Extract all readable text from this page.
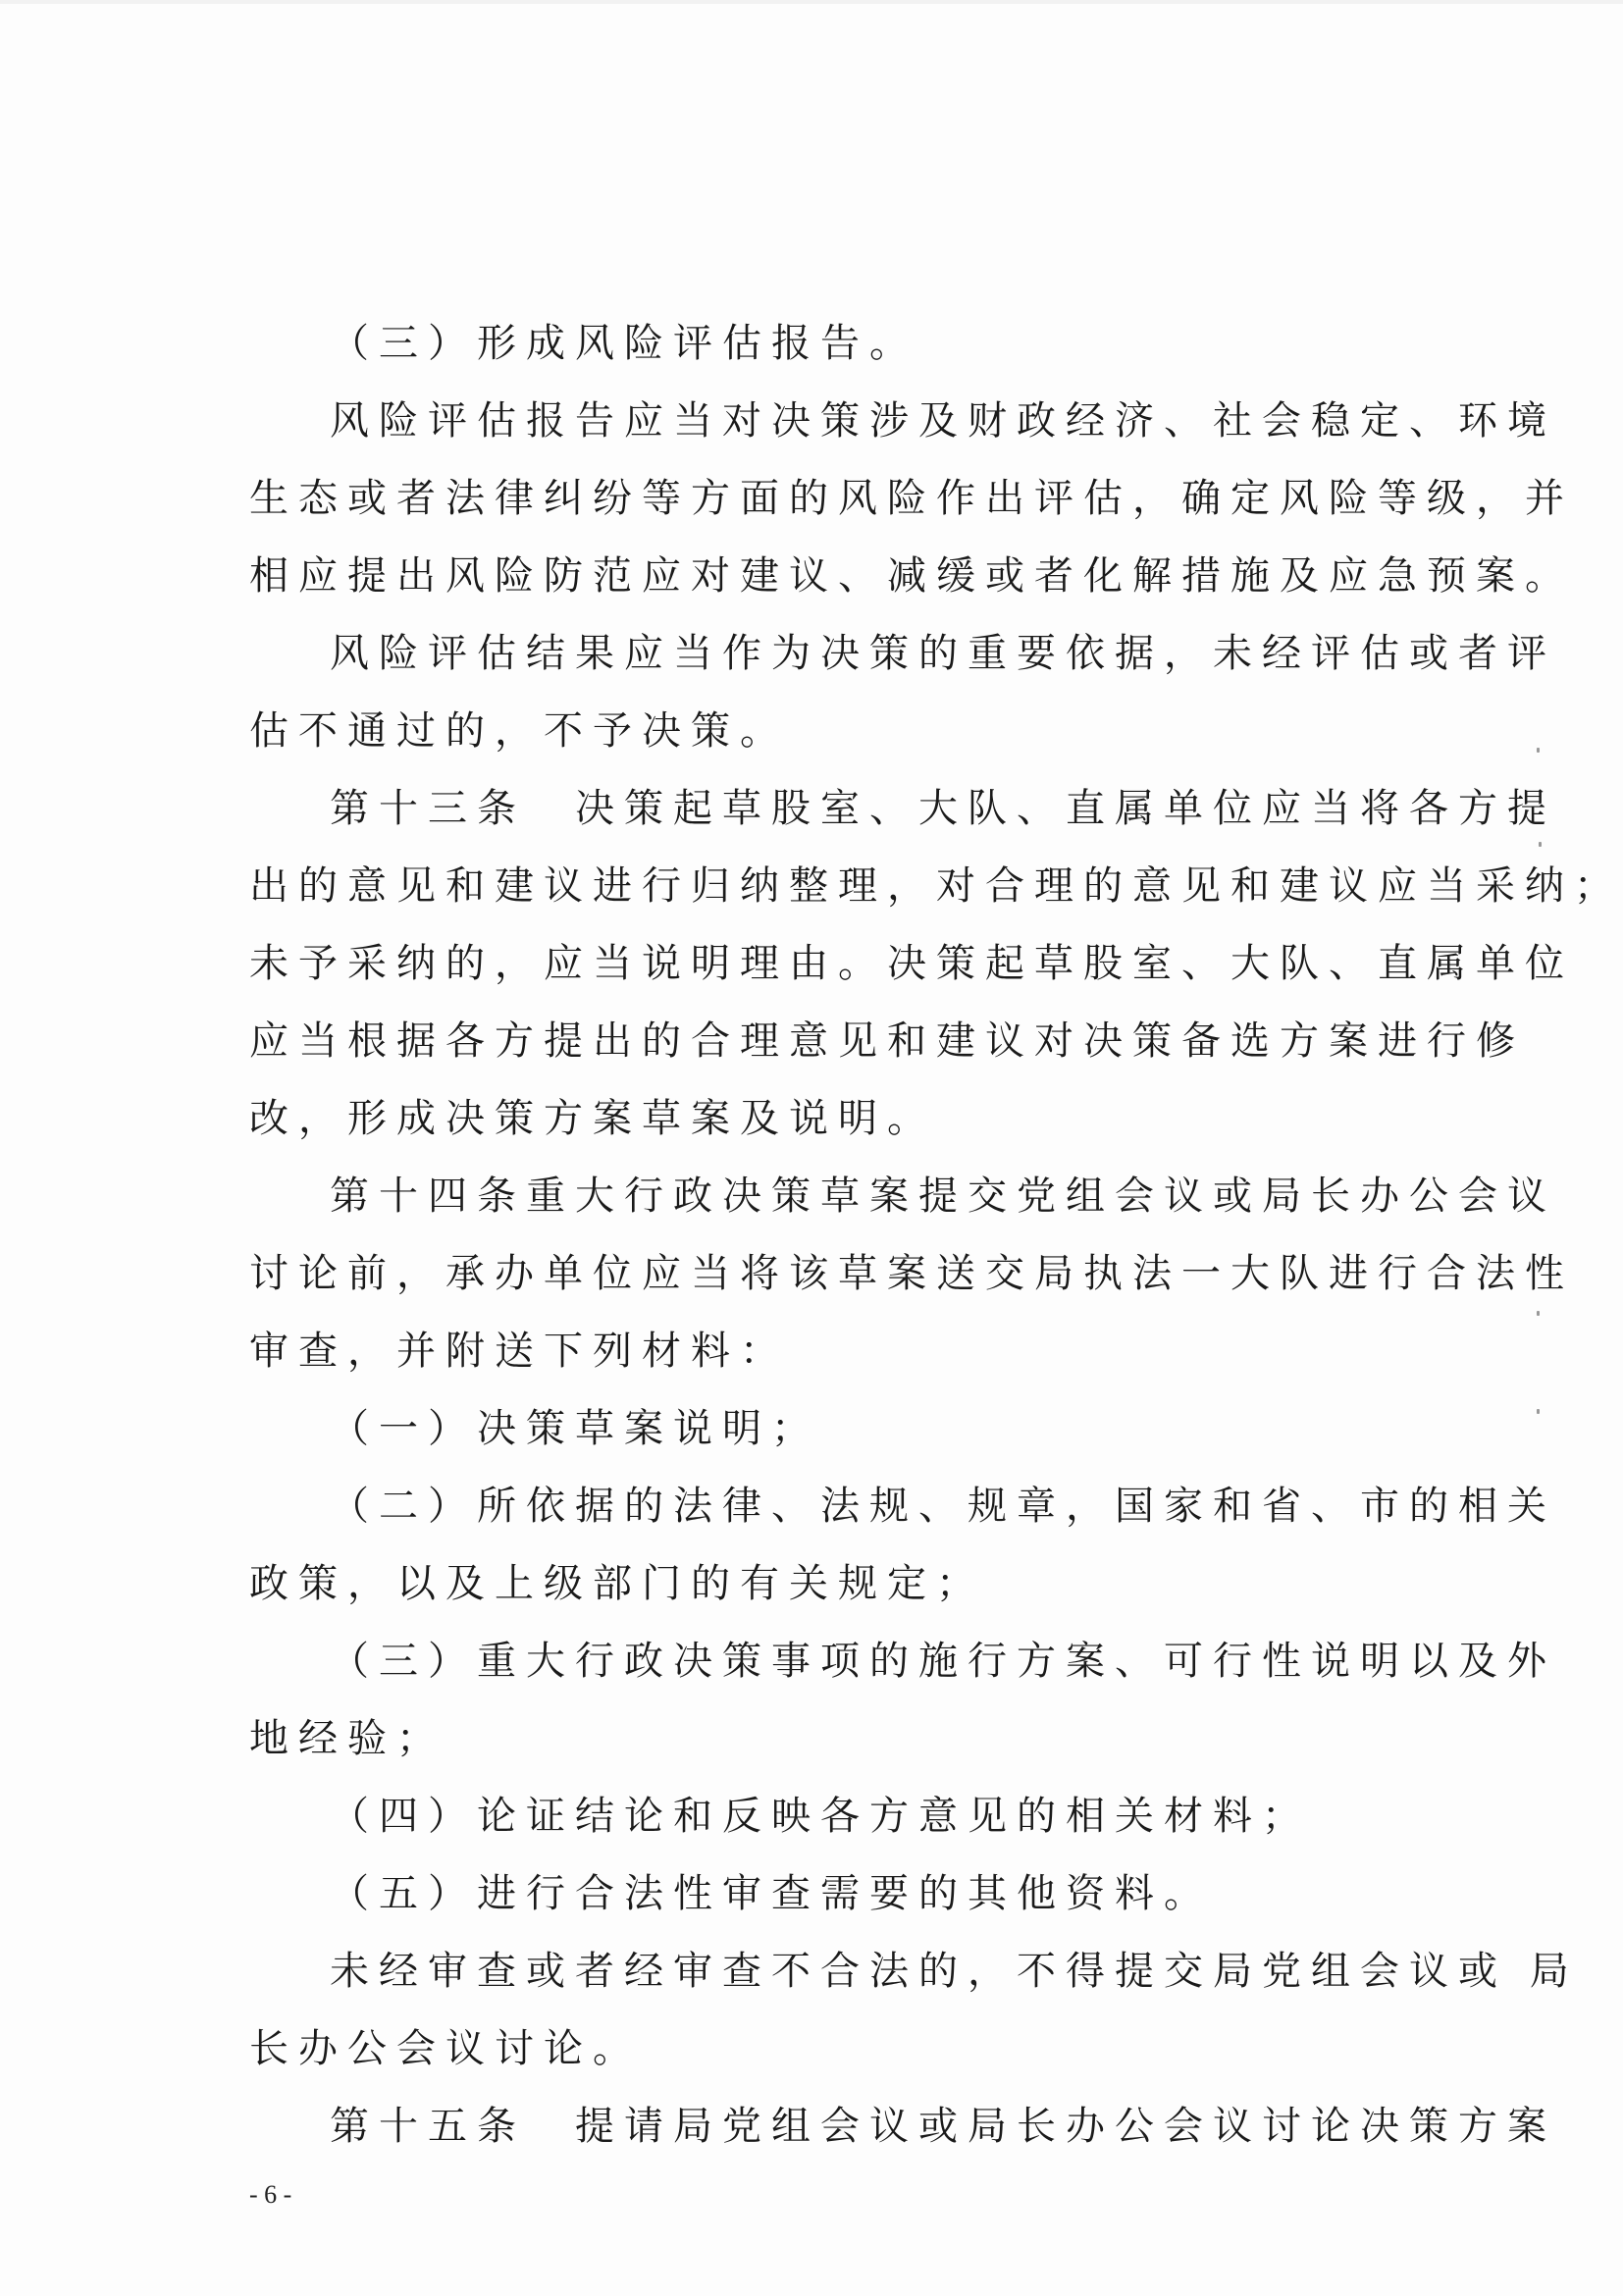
（三）形成风险评估报告。
风险评估报告应当对决策涉及财政经济、社会稳定、环境
生态或者法律纠纷等方面的风险作出评估，确定风险等级，并
相应提出风险防范应对建议、减缓或者化解措施及应急预案。
风险评估结果应当作为决策的重要依据，未经评估或者评
估不通过的，不予决策。
第十三条　决策起草股室、大队、直属单位应当将各方提
出的意见和建议进行归纳整理，对合理的意见和建议应当采纳；
未予采纳的，应当说明理由。决策起草股室、大队、直属单位
应当根据各方提出的合理意见和建议对决策备选方案进行修
改，形成决策方案草案及说明。
第十四条重大行政决策草案提交党组会议或局长办公会议
讨论前，承办单位应当将该草案送交局执法一大队进行合法性
审查，并附送下列材料：
（一）决策草案说明；
（二）所依据的法律、法规、规章，国家和省、市的相关
政策，以及上级部门的有关规定；
（三）重大行政决策事项的施行方案、可行性说明以及外
地经验；
（四）论证结论和反映各方意见的相关材料；
（五）进行合法性审查需要的其他资料。
未经审查或者经审查不合法的，不得提交局党组会议或 局
长办公会议讨论。
第十五条　提请局党组会议或局长办公会议讨论决策方案
- 6 -
